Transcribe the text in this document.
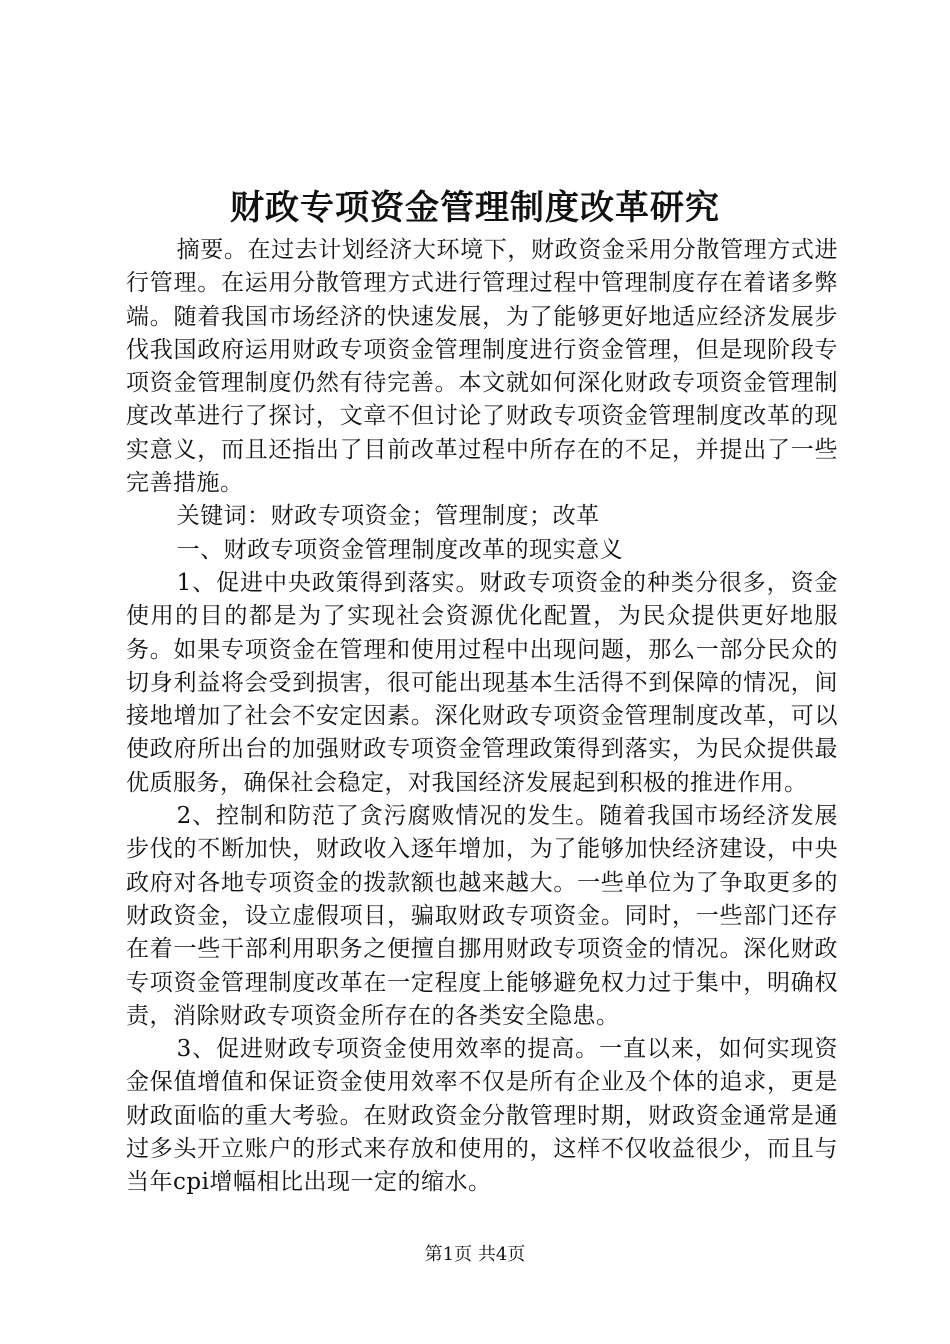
财政专项资金管理制度改革研究

摘要。在过去计划经济大环境下，财政资金采用分散管理方式进行管理。在运用分散管理方式进行管理过程中管理制度存在着诸多弊端。随着我国市场经济的快速发展，为了能够更好地适应经济发展步伐我国政府运用财政专项资金管理制度进行资金管理，但是现阶段专项资金管理制度仍然有待完善。本文就如何深化财政专项资金管理制度改革进行了探讨，文章不但讨论了财政专项资金管理制度改革的现实意义，而且还指出了目前改革过程中所存在的不足，并提出了一些完善措施。

关键词：财政专项资金；管理制度；改革

一、财政专项资金管理制度改革的现实意义

1、促进中央政策得到落实。财政专项资金的种类分很多，资金使用的目的都是为了实现社会资源优化配置，为民众提供更好地服务。如果专项资金在管理和使用过程中出现问题，那么一部分民众的切身利益将会受到损害，很可能出现基本生活得不到保障的情况，间接地增加了社会不安定因素。深化财政专项资金管理制度改革，可以使政府所出台的加强财政专项资金管理政策得到落实，为民众提供最优质服务，确保社会稳定，对我国经济发展起到积极的推进作用。

2、控制和防范了贪污腐败情况的发生。随着我国市场经济发展步伐的不断加快，财政收入逐年增加，为了能够加快经济建设，中央政府对各地专项资金的拨款额也越来越大。一些单位为了争取更多的财政资金，设立虚假项目，骗取财政专项资金。同时，一些部门还存在着一些干部利用职务之便擅自挪用财政专项资金的情况。深化财政专项资金管理制度改革在一定程度上能够避免权力过于集中，明确权责，消除财政专项资金所存在的各类安全隐患。

3、促进财政专项资金使用效率的提高。一直以来，如何实现资金保值增值和保证资金使用效率不仅是所有企业及个体的追求，更是财政面临的重大考验。在财政资金分散管理时期，财政资金通常是通过多头开立账户的形式来存放和使用的，这样不仅收益很少，而且与当年cpi增幅相比出现一定的缩水。

第1页 共4页
